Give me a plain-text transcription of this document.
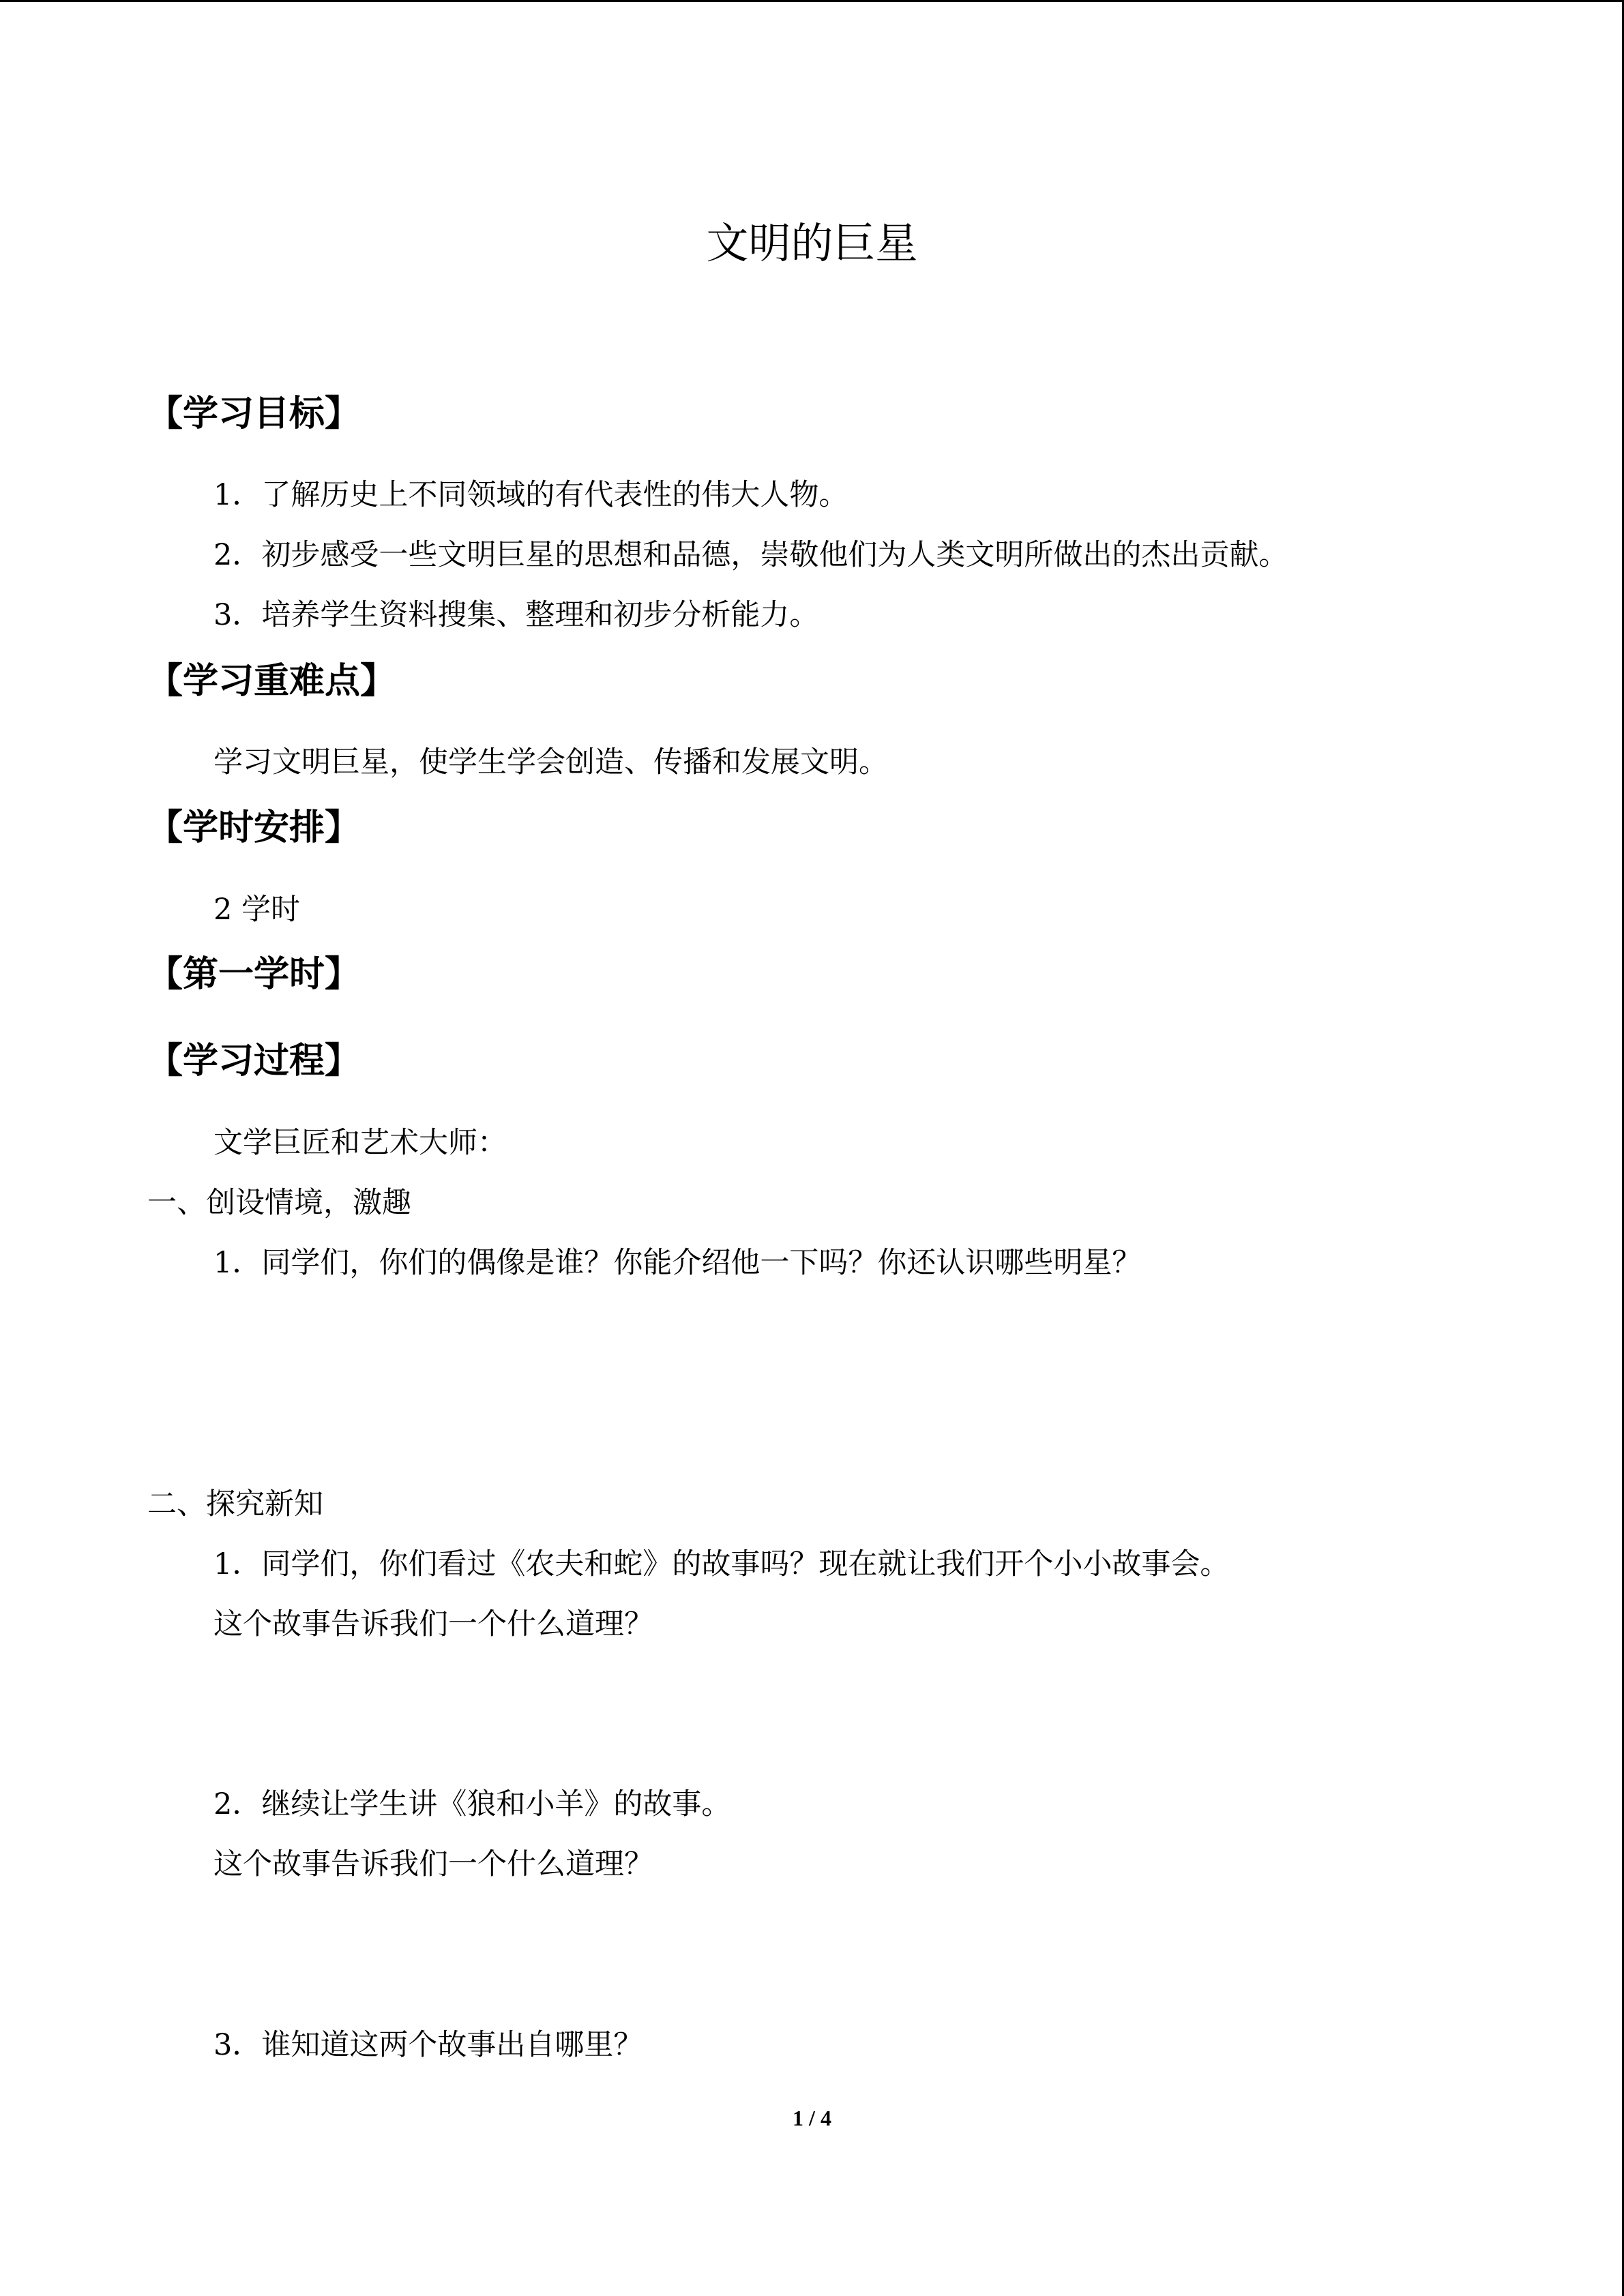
文明的巨星
【学习目标】
1．了解历史上不同领域的有代表性的伟大人物。
2．初步感受一些文明巨星的思想和品德，崇敬他们为人类文明所做出的杰出贡献。
3．培养学生资料搜集、整理和初步分析能力。
【学习重难点】
学习文明巨星，使学生学会创造、传播和发展文明。
【学时安排】
2 学时
【第一学时】
【学习过程】
文学巨匠和艺术大师：
一、创设情境，激趣
1．同学们，你们的偶像是谁？你能介绍他一下吗？你还认识哪些明星？
二、探究新知
1．同学们，你们看过《农夫和蛇》的故事吗？现在就让我们开个小小故事会。
这个故事告诉我们一个什么道理？
2．继续让学生讲《狼和小羊》的故事。
这个故事告诉我们一个什么道理？
3．谁知道这两个故事出自哪里？
1 / 4
